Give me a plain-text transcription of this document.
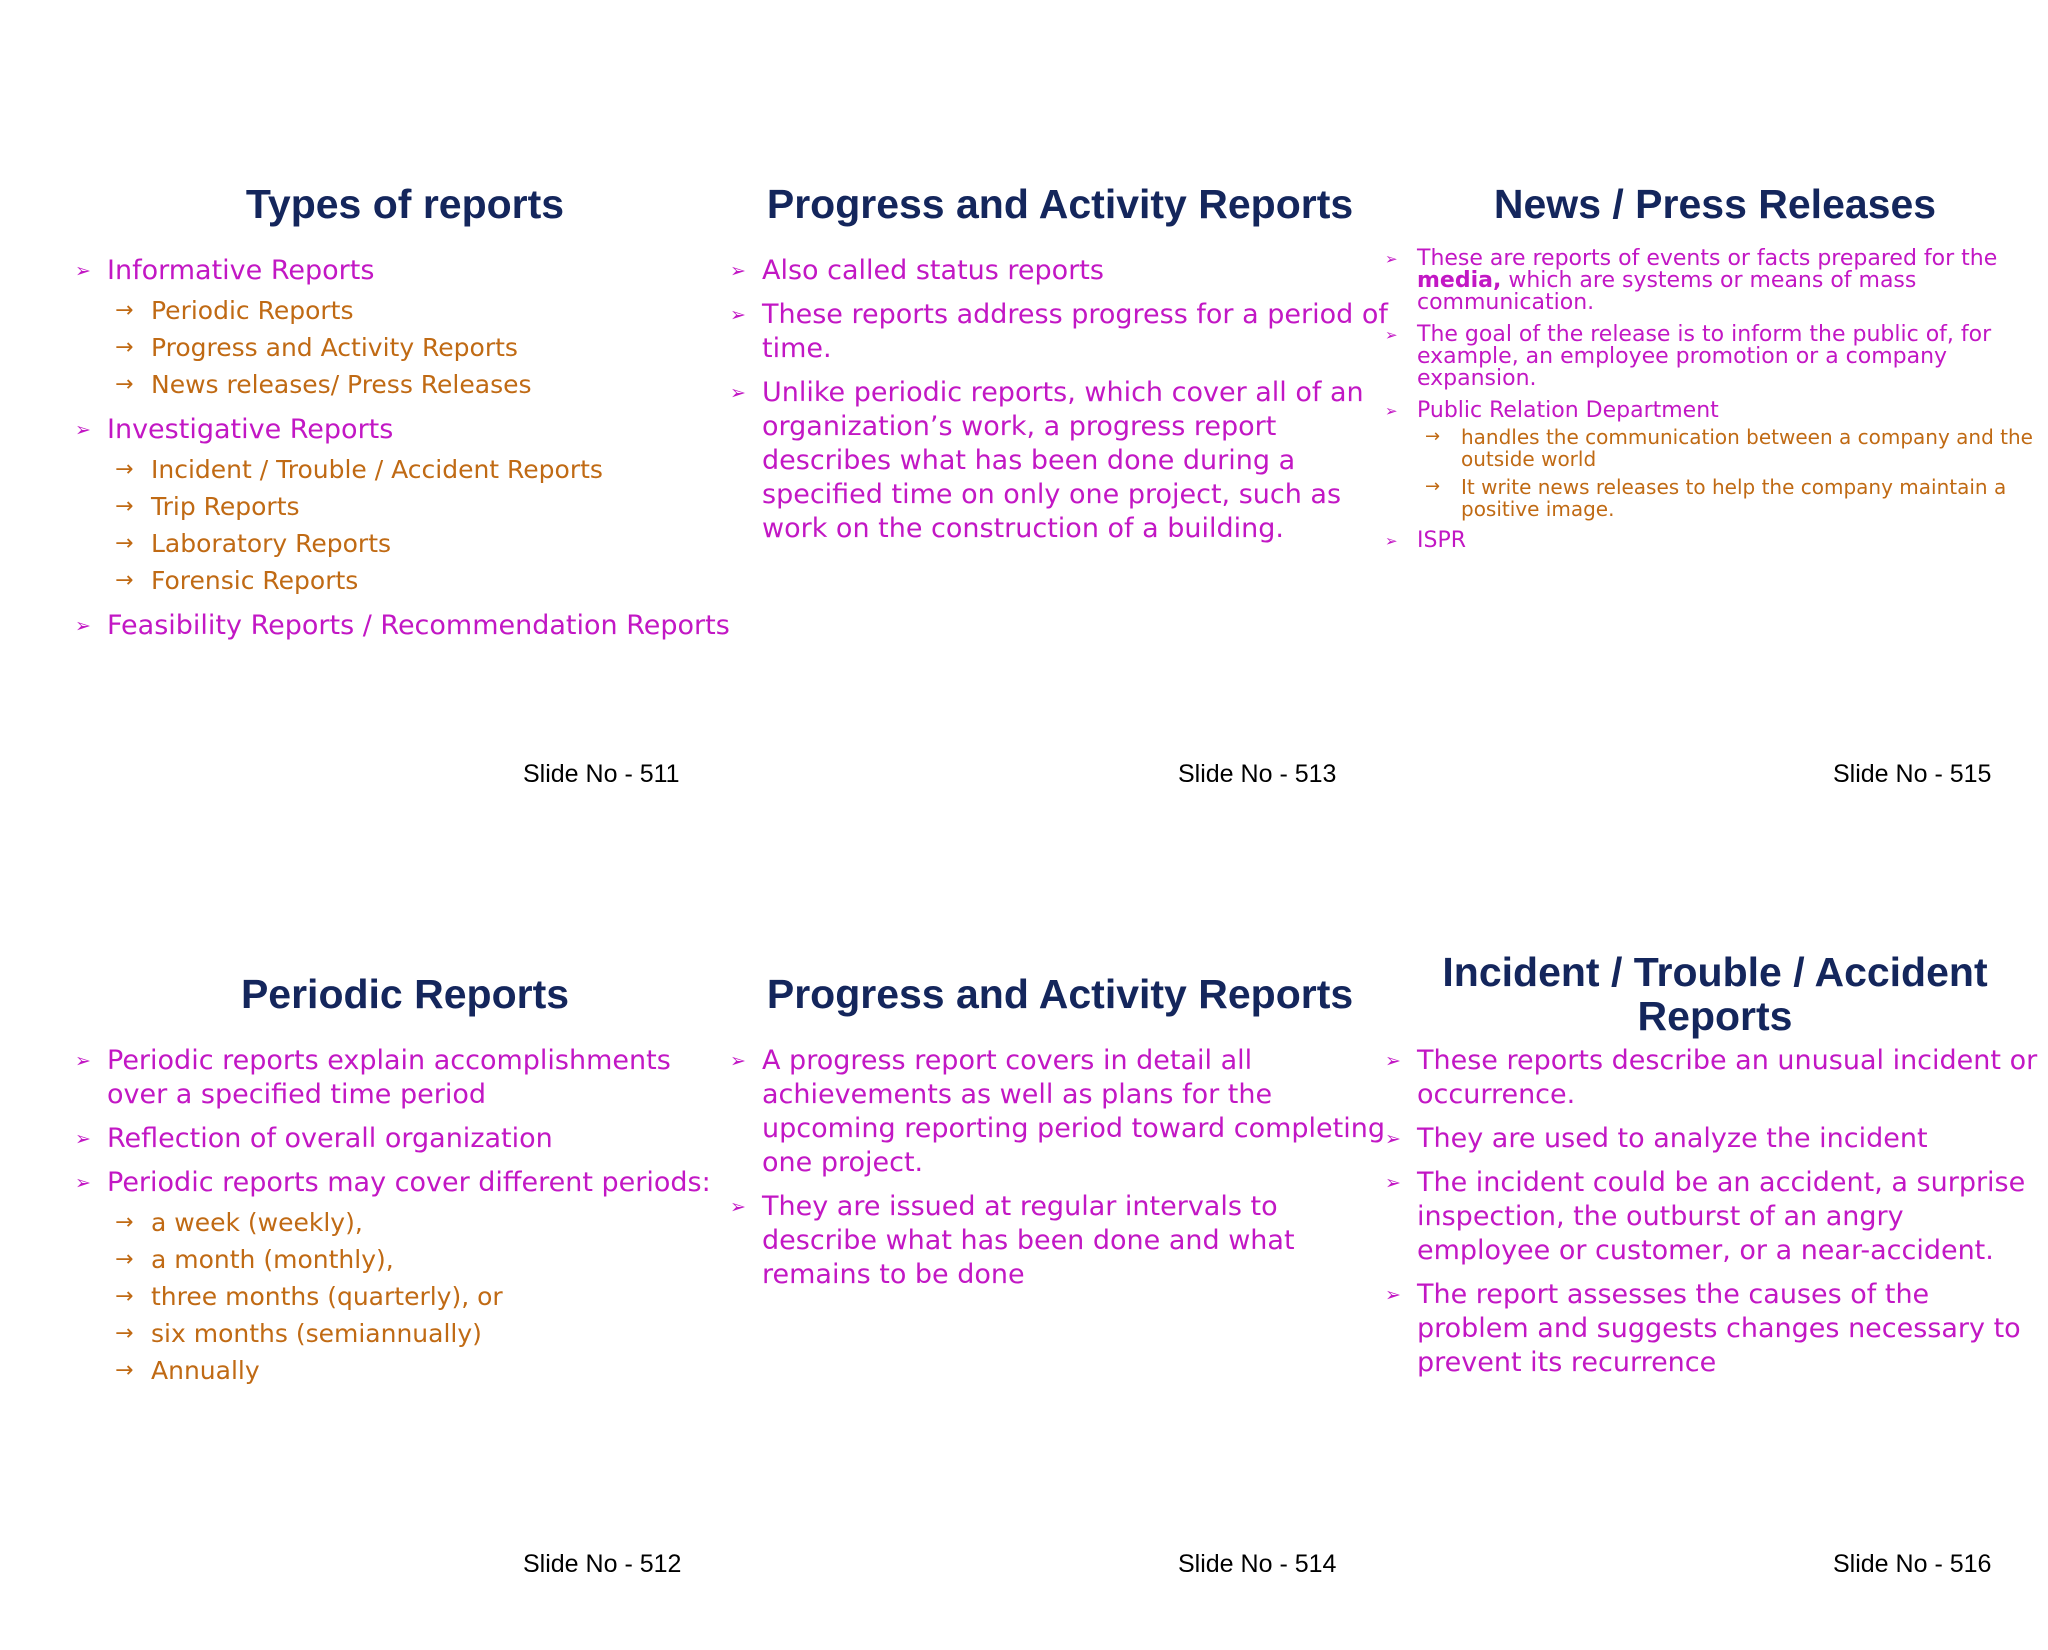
Types of reports
➢ Informative Reports
→ Periodic Reports
→ Progress and Activity Reports
→ News releases/ Press Releases
➢ Investigative Reports
→ Incident / Trouble / Accident Reports
→ Trip Reports
→ Laboratory Reports
→ Forensic Reports
➢ Feasibility Reports / Recommendation Reports
Slide No - 511
Progress and Activity Reports
➢ Also called status reports
➢ These reports address progress for a period of time.
➢ Unlike periodic reports, which cover all of an organization’s work, a progress report describes what has been done during a specified time on only one project, such as work on the construction of a building.
Slide No - 513
News / Press Releases
➢ These are reports of events or facts prepared for the media, which are systems or means of mass communication.
➢ The goal of the release is to inform the public of, for example, an employee promotion or a company expansion.
➢ Public Relation Department
→ handles the communication between a company and the outside world
→ It write news releases to help the company maintain a positive image.
➢ ISPR
Slide No - 515
Periodic Reports
➢ Periodic reports explain accomplishments over a specified time period
➢ Reflection of overall organization
➢ Periodic reports may cover different periods:
→ a week (weekly),
→ a month (monthly),
→ three months (quarterly), or
→ six months (semiannually)
→ Annually
Slide No - 512
Progress and Activity Reports
➢ A progress report covers in detail all achievements as well as plans for the upcoming reporting period toward completing one project.
➢ They are issued at regular intervals to describe what has been done and what remains to be done
Slide No - 514
Incident / Trouble / Accident Reports
➢ These reports describe an unusual incident or occurrence.
➢ They are used to analyze the incident
➢ The incident could be an accident, a surprise inspection, the outburst of an angry employee or customer, or a near-accident.
➢ The report assesses the causes of the problem and suggests changes necessary to prevent its recurrence
Slide No - 516
